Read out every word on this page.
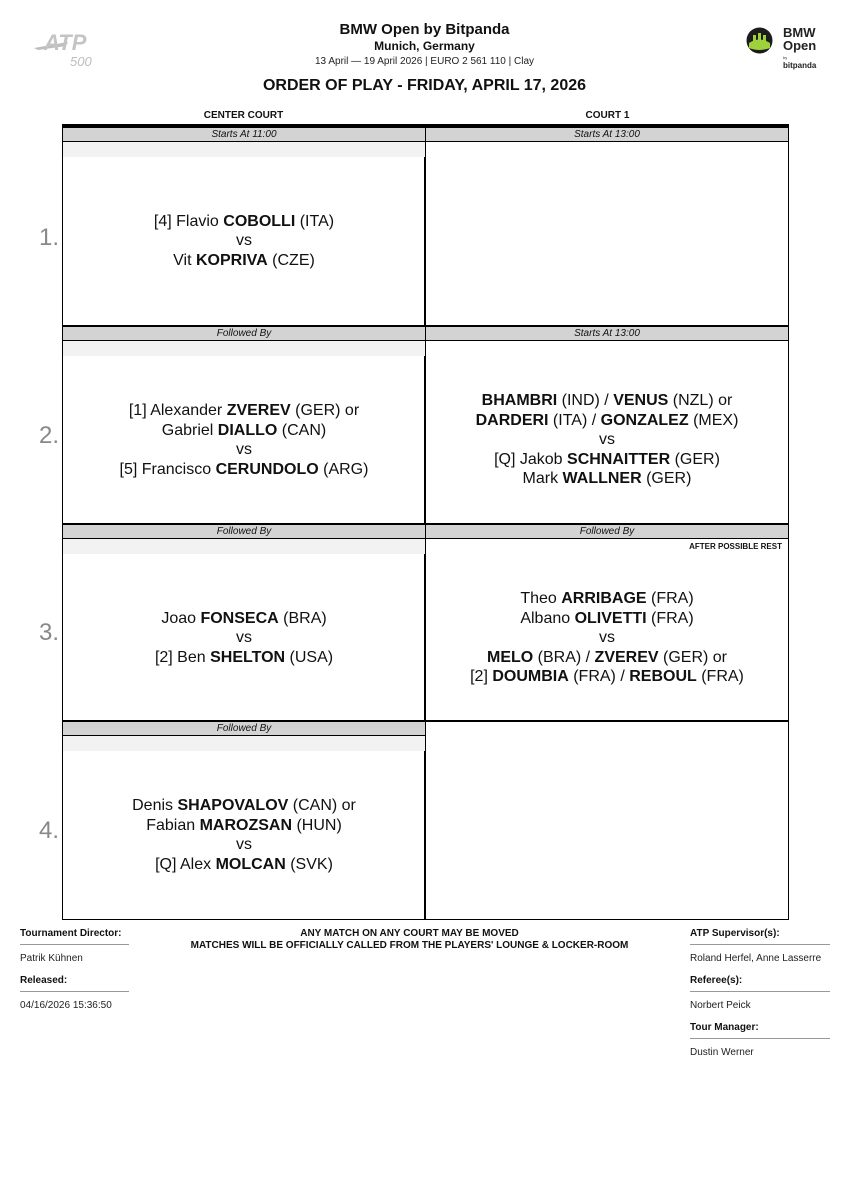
ATP
500
BMW Open by Bitpanda
Munich, Germany
13 April — 19 April 2026 | EURO 2 561 110 | Clay
ORDER OF PLAY - FRIDAY, APRIL 17, 2026
BMW
Open
by
bitpanda
CENTER COURT	COURT 1
1.
Starts At 11:00
[4] Flavio COBOLLI (ITA)
vs
Vit KOPRIVA (CZE)
Starts At 13:00
2.
Followed By
[1] Alexander ZVEREV (GER) or
Gabriel DIALLO (CAN)
vs
[5] Francisco CERUNDOLO (ARG)
Starts At 13:00
BHAMBRI (IND) / VENUS (NZL) or
DARDERI (ITA) / GONZALEZ (MEX)
vs
[Q] Jakob SCHNAITTER (GER)
Mark WALLNER (GER)
3.
Followed By
Joao FONSECA (BRA)
vs
[2] Ben SHELTON (USA)
Followed By
AFTER POSSIBLE REST
Theo ARRIBAGE (FRA)
Albano OLIVETTI (FRA)
vs
MELO (BRA) / ZVEREV (GER) or
[2] DOUMBIA (FRA) / REBOUL (FRA)
4.
Followed By
Denis SHAPOVALOV (CAN) or
Fabian MAROZSAN (HUN)
vs
[Q] Alex MOLCAN (SVK)
Tournament Director:
Patrik Kühnen
Released:
04/16/2026 15:36:50
ANY MATCH ON ANY COURT MAY BE MOVED
MATCHES WILL BE OFFICIALLY CALLED FROM THE PLAYERS' LOUNGE & LOCKER-ROOM
ATP Supervisor(s):
Roland Herfel, Anne Lasserre
Referee(s):
Norbert Peick
Tour Manager:
Dustin Werner
